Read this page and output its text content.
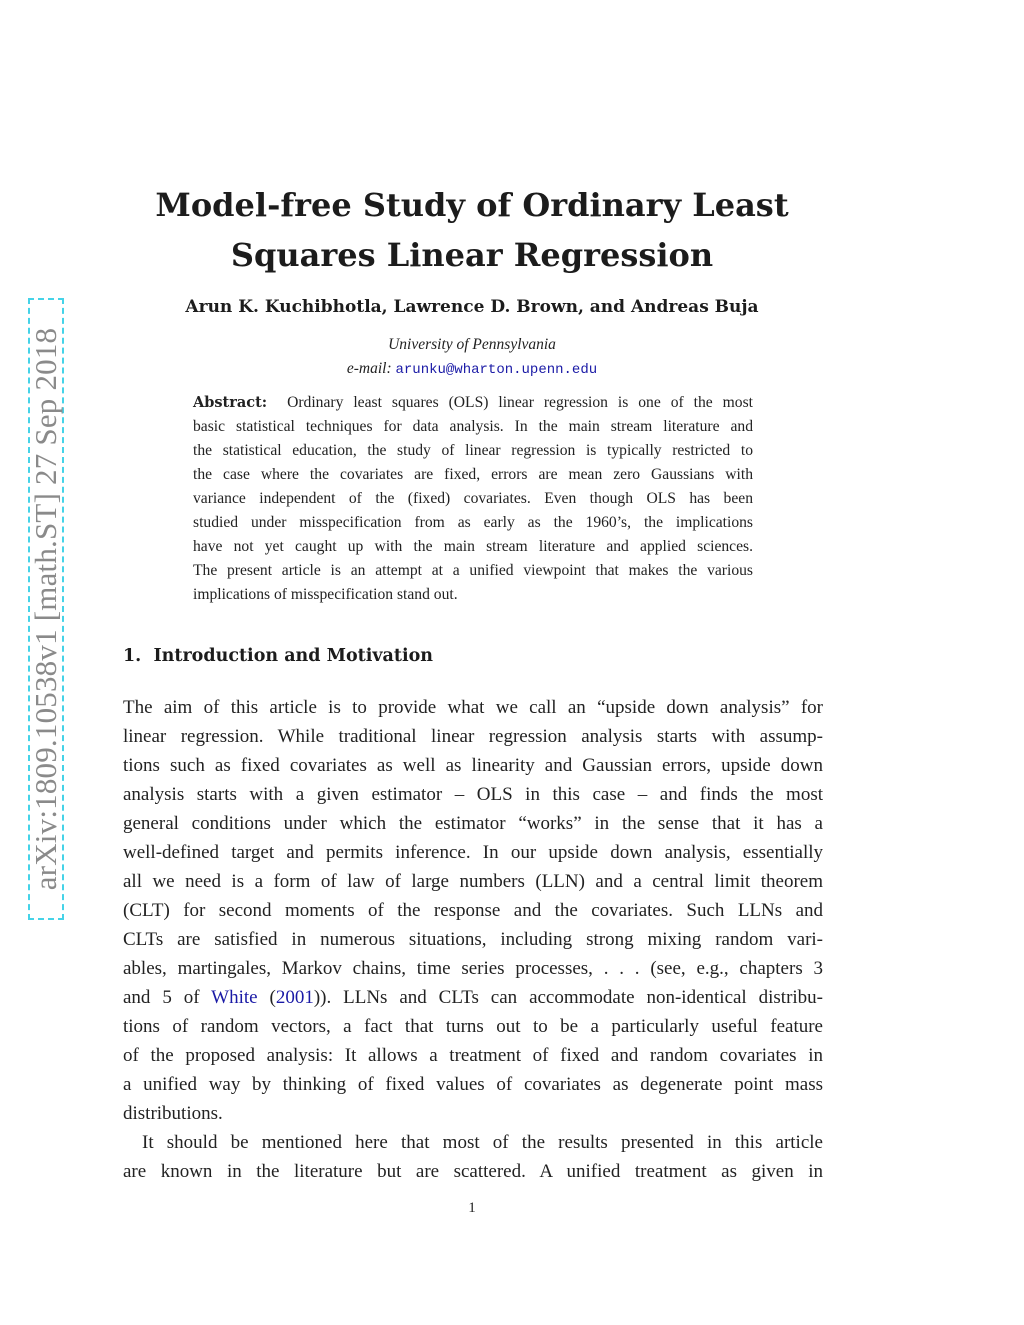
arXiv:1809.10538v1 [math.ST] 27 Sep 2018
Model-free Study of Ordinary Least
Squares Linear Regression
Arun K. Kuchibhotla, Lawrence D. Brown, and Andreas Buja
University of Pennsylvania
e-mail: arunku@wharton.upenn.edu
Abstract: Ordinary least squares (OLS) linear regression is one of the most
basic statistical techniques for data analysis. In the main stream literature and
the statistical education, the study of linear regression is typically restricted to
the case where the covariates are fixed, errors are mean zero Gaussians with
variance independent of the (fixed) covariates. Even though OLS has been
studied under misspecification from as early as the 1960’s, the implications
have not yet caught up with the main stream literature and applied sciences.
The present article is an attempt at a unified viewpoint that makes the various
implications of misspecification stand out.
1. Introduction and Motivation
The aim of this article is to provide what we call an “upside down analysis” for
linear regression. While traditional linear regression analysis starts with assump-
tions such as fixed covariates as well as linearity and Gaussian errors, upside down
analysis starts with a given estimator – OLS in this case – and finds the most
general conditions under which the estimator “works” in the sense that it has a
well-defined target and permits inference. In our upside down analysis, essentially
all we need is a form of law of large numbers (LLN) and a central limit theorem
(CLT) for second moments of the response and the covariates. Such LLNs and
CLTs are satisfied in numerous situations, including strong mixing random vari-
ables, martingales, Markov chains, time series processes, . . . (see, e.g., chapters 3
and 5 of White (2001)). LLNs and CLTs can accommodate non-identical distribu-
tions of random vectors, a fact that turns out to be a particularly useful feature
of the proposed analysis: It allows a treatment of fixed and random covariates in
a unified way by thinking of fixed values of covariates as degenerate point mass
distributions.
It should be mentioned here that most of the results presented in this article
are known in the literature but are scattered. A unified treatment as given in
1
